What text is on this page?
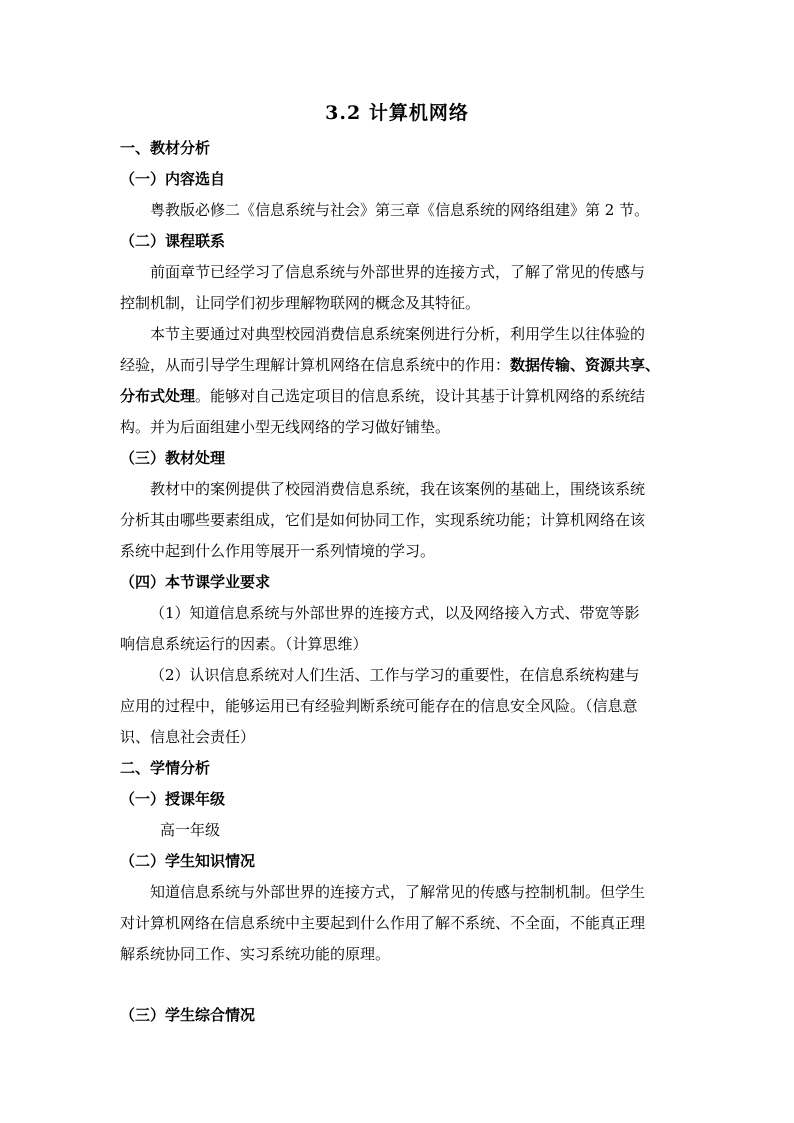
3.2 计算机网络
一、教材分析
（一）内容选自
粤教版必修二《信息系统与社会》第三章《信息系统的网络组建》第 2 节。
（二）课程联系
前面章节已经学习了信息系统与外部世界的连接方式，了解了常见的传感与
控制机制，让同学们初步理解物联网的概念及其特征。
本节主要通过对典型校园消费信息系统案例进行分析，利用学生以往体验的
经验，从而引导学生理解计算机网络在信息系统中的作用：数据传输、资源共享、
分布式处理。能够对自己选定项目的信息系统，设计其基于计算机网络的系统结
构。并为后面组建小型无线网络的学习做好铺垫。
（三）教材处理
教材中的案例提供了校园消费信息系统，我在该案例的基础上，围绕该系统
分析其由哪些要素组成，它们是如何协同工作，实现系统功能；计算机网络在该
系统中起到什么作用等展开一系列情境的学习。
（四）本节课学业要求
（1）知道信息系统与外部世界的连接方式，以及网络接入方式、带宽等影
响信息系统运行的因素。（计算思维）
（2）认识信息系统对人们生活、工作与学习的重要性，在信息系统构建与
应用的过程中，能够运用已有经验判断系统可能存在的信息安全风险。（信息意
识、信息社会责任）
二、学情分析
（一）授课年级
高一年级
（二）学生知识情况
知道信息系统与外部世界的连接方式，了解常见的传感与控制机制。但学生
对计算机网络在信息系统中主要起到什么作用了解不系统、不全面，不能真正理
解系统协同工作、实习系统功能的原理。
（三）学生综合情况
